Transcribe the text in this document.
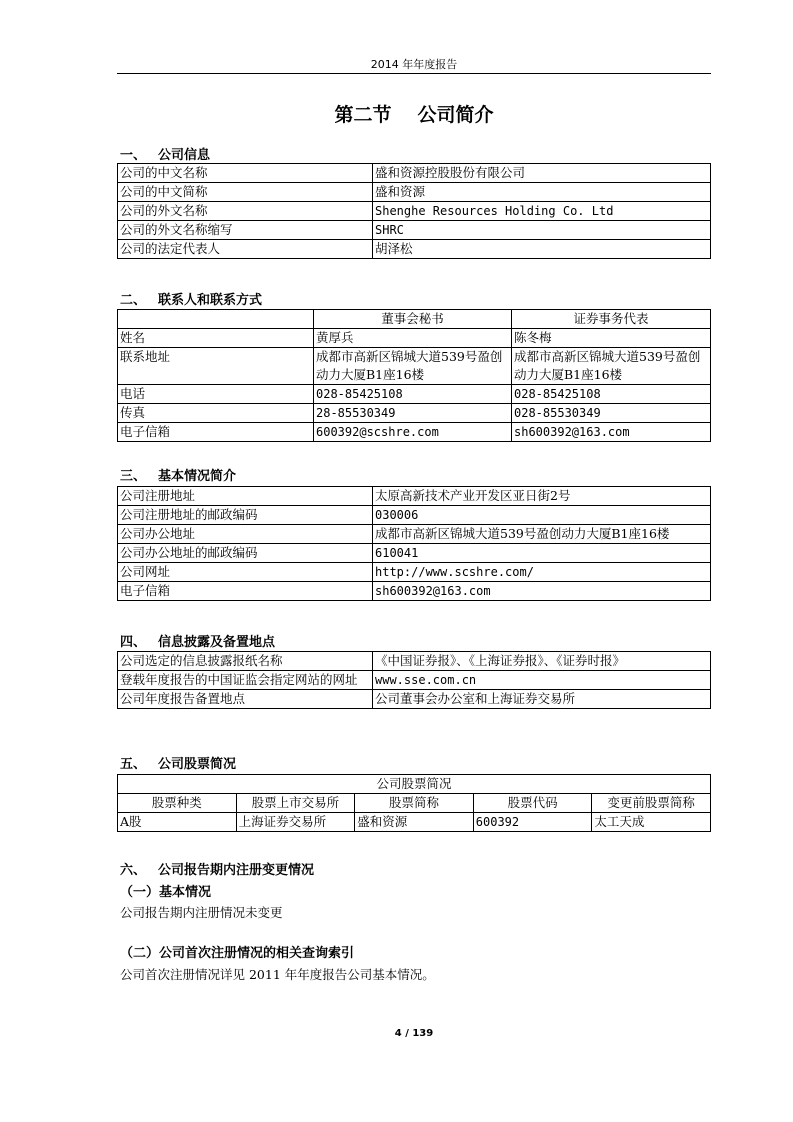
2014 年年度报告
第二节 公司简介
一、 公司信息
公司的中文名称	盛和资源控股股份有限公司
公司的中文简称	盛和资源
公司的外文名称	Shenghe Resources Holding Co. Ltd
公司的外文名称缩写	SHRC
公司的法定代表人	胡泽松
二、 联系人和联系方式
	董事会秘书	证券事务代表
姓名	黄厚兵	陈冬梅
联系地址	成都市高新区锦城大道539号盈创动力大厦B1座16楼	成都市高新区锦城大道539号盈创动力大厦B1座16楼
电话	028-85425108	028-85425108
传真	28-85530349	028-85530349
电子信箱	600392@scshre.com	sh600392@163.com
三、 基本情况简介
公司注册地址	太原高新技术产业开发区亚日街2号
公司注册地址的邮政编码	030006
公司办公地址	成都市高新区锦城大道539号盈创动力大厦B1座16楼
公司办公地址的邮政编码	610041
公司网址	http://www.scshre.com/
电子信箱	sh600392@163.com
四、 信息披露及备置地点
公司选定的信息披露报纸名称	《中国证券报》、《上海证券报》、《证券时报》
登载年度报告的中国证监会指定网站的网址	www.sse.com.cn
公司年度报告备置地点	公司董事会办公室和上海证券交易所
五、 公司股票简况
公司股票简况				
股票种类	股票上市交易所	股票简称	股票代码	变更前股票简称
A股	上海证券交易所	盛和资源	600392	太工天成
六、 公司报告期内注册变更情况
（一）基本情况
公司报告期内注册情况未变更
（二）公司首次注册情况的相关查询索引
公司首次注册情况详见 2011 年年度报告公司基本情况。
4 / 139
